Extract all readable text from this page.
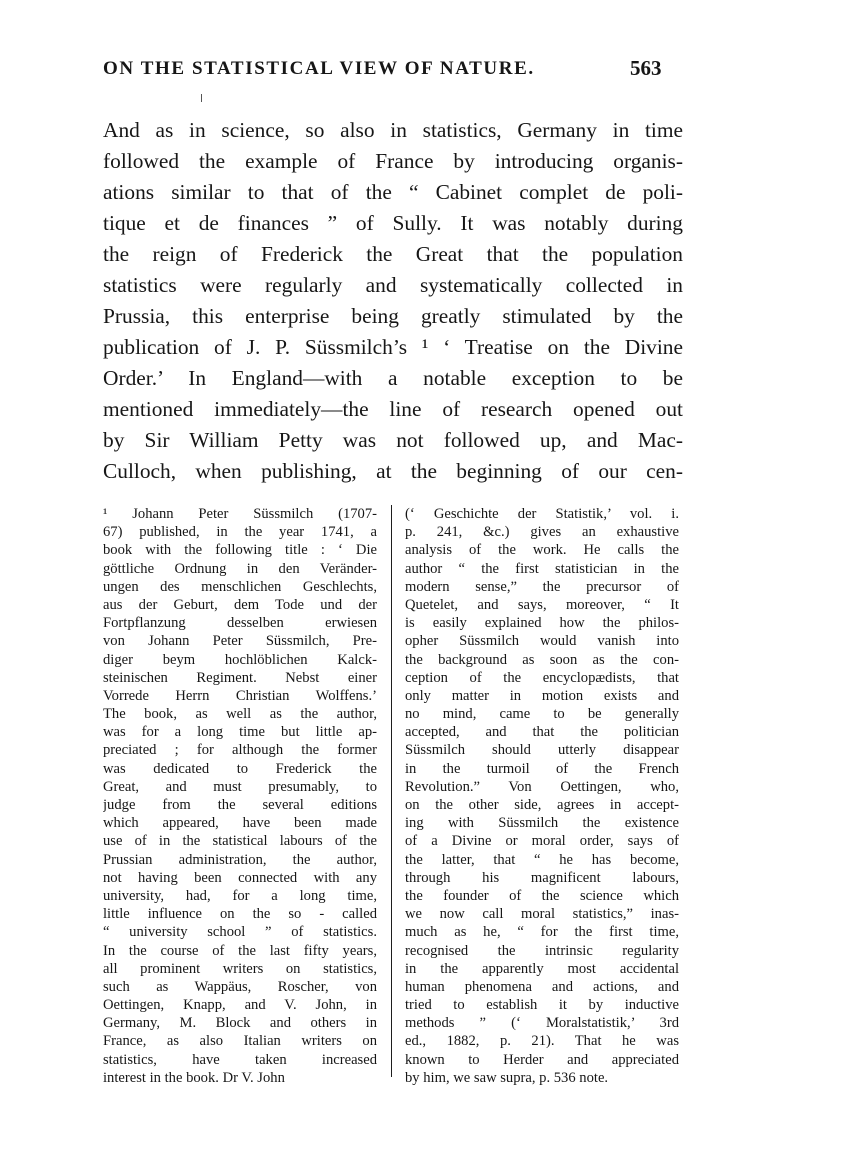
ON THE STATISTICAL VIEW OF NATURE.	563
And as in science, so also in statistics, Germany in time
followed the example of France by introducing organis-
ations similar to that of the “ Cabinet complet de poli-
tique et de finances ” of Sully. It was notably during
the reign of Frederick the Great that the population
statistics were regularly and systematically collected in
Prussia, this enterprise being greatly stimulated by the
publication of J. P. Süssmilch’s ¹ ‘ Treatise on the Divine
Order.’ In England—with a notable exception to be
mentioned immediately—the line of research opened out
by Sir William Petty was not followed up, and Mac-
Culloch, when publishing, at the beginning of our cen-
¹ Johann Peter Süssmilch (1707-
67) published, in the year 1741, a
book with the following title : ‘ Die
göttliche Ordnung in den Veränder-
ungen des menschlichen Geschlechts,
aus der Geburt, dem Tode und der
Fortpflanzung desselben erwiesen
von Johann Peter Süssmilch, Pre-
diger beym hochlöblichen Kalck-
steinischen Regiment. Nebst einer
Vorrede Herrn Christian Wolffens.’
The book, as well as the author,
was for a long time but little ap-
preciated ; for although the former
was dedicated to Frederick the
Great, and must presumably, to
judge from the several editions
which appeared, have been made
use of in the statistical labours of the
Prussian administration, the author,
not having been connected with any
university, had, for a long time,
little influence on the so - called
“ university school ” of statistics.
In the course of the last fifty years,
all prominent writers on statistics,
such as Wappäus, Roscher, von
Oettingen, Knapp, and V. John, in
Germany, M. Block and others in
France, as also Italian writers on
statistics, have taken increased
interest in the book. Dr V. John
(‘ Geschichte der Statistik,’ vol. i.
p. 241, &c.) gives an exhaustive
analysis of the work. He calls the
author “ the first statistician in the
modern sense,” the precursor of
Quetelet, and says, moreover, “ It
is easily explained how the philos-
opher Süssmilch would vanish into
the background as soon as the con-
ception of the encyclopædists, that
only matter in motion exists and
no mind, came to be generally
accepted, and that the politician
Süssmilch should utterly disappear
in the turmoil of the French
Revolution.” Von Oettingen, who,
on the other side, agrees in accept-
ing with Süssmilch the existence
of a Divine or moral order, says of
the latter, that “ he has become,
through his magnificent labours,
the founder of the science which
we now call moral statistics,” inas-
much as he, “ for the first time,
recognised the intrinsic regularity
in the apparently most accidental
human phenomena and actions, and
tried to establish it by inductive
methods ” (‘ Moralstatistik,’ 3rd
ed., 1882, p. 21). That he was
known to Herder and appreciated
by him, we saw supra, p. 536 note.
